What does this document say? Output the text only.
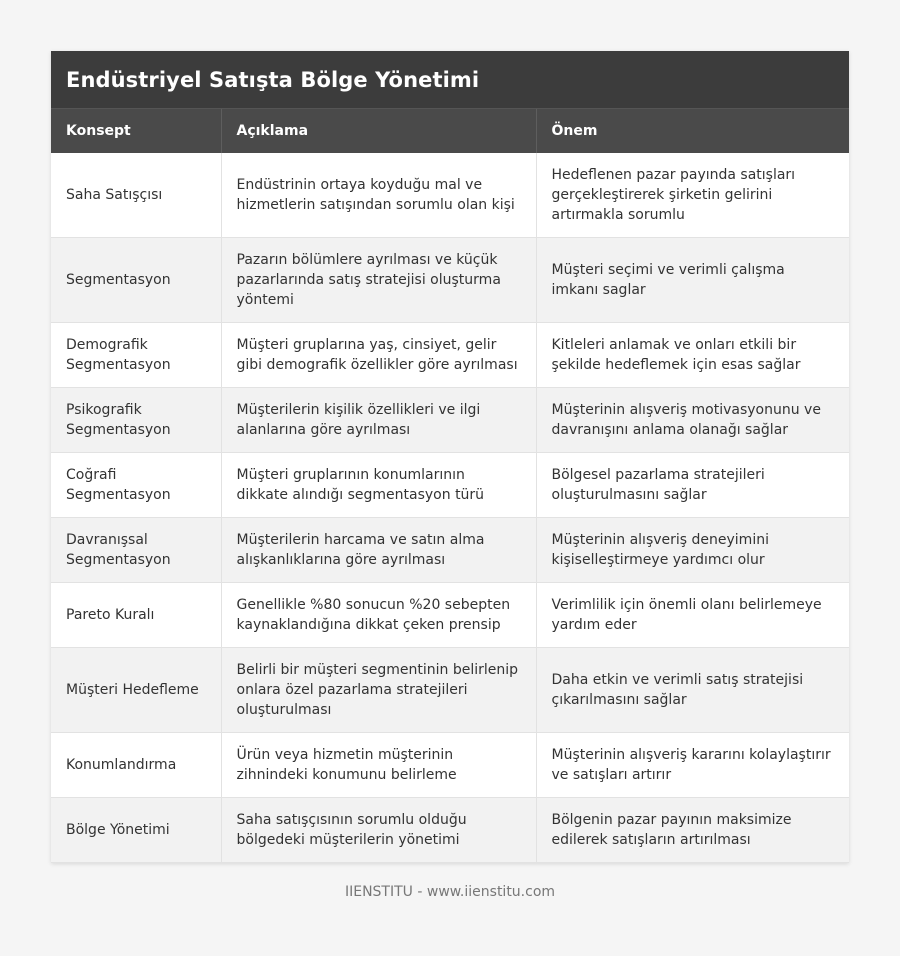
Endüstriyel Satışta Bölge Yönetimi
Konsept	Açıklama	Önem
Saha Satışçısı	Endüstrinin ortaya koyduğu mal ve hizmetlerin satışından sorumlu olan kişi	Hedeflenen pazar payında satışları gerçekleştirerek şirketin gelirini artırmakla sorumlu
Segmentasyon	Pazarın bölümlere ayrılması ve küçük pazarlarında satış stratejisi oluşturma yöntemi	Müşteri seçimi ve verimli çalışma imkanı saglar
Demografik Segmentasyon	Müşteri gruplarına yaş, cinsiyet, gelir gibi demografik özellikler göre ayrılması	Kitleleri anlamak ve onları etkili bir şekilde hedeflemek için esas sağlar
Psikografik Segmentasyon	Müşterilerin kişilik özellikleri ve ilgi alanlarına göre ayrılması	Müşterinin alışveriş motivasyonunu ve davranışını anlama olanağı sağlar
Coğrafi Segmentasyon	Müşteri gruplarının konumlarının dikkate alındığı segmentasyon türü	Bölgesel pazarlama stratejileri oluşturulmasını sağlar
Davranışsal Segmentasyon	Müşterilerin harcama ve satın alma alışkanlıklarına göre ayrılması	Müşterinin alışveriş deneyimini kişiselleştirmeye yardımcı olur
Pareto Kuralı	Genellikle %80 sonucun %20 sebepten kaynaklandığına dikkat çeken prensip	Verimlilik için önemli olanı belirlemeye yardım eder
Müşteri Hedefleme	Belirli bir müşteri segmentinin belirlenip onlara özel pazarlama stratejileri oluşturulması	Daha etkin ve verimli satış stratejisi çıkarılmasını sağlar
Konumlandırma	Ürün veya hizmetin müşterinin zihnindeki konumunu belirleme	Müşterinin alışveriş kararını kolaylaştırır ve satışları artırır
Bölge Yönetimi	Saha satışçısının sorumlu olduğu bölgedeki müşterilerin yönetimi	Bölgenin pazar payının maksimize edilerek satışların artırılması
IIENSTITU - www.iienstitu.com
